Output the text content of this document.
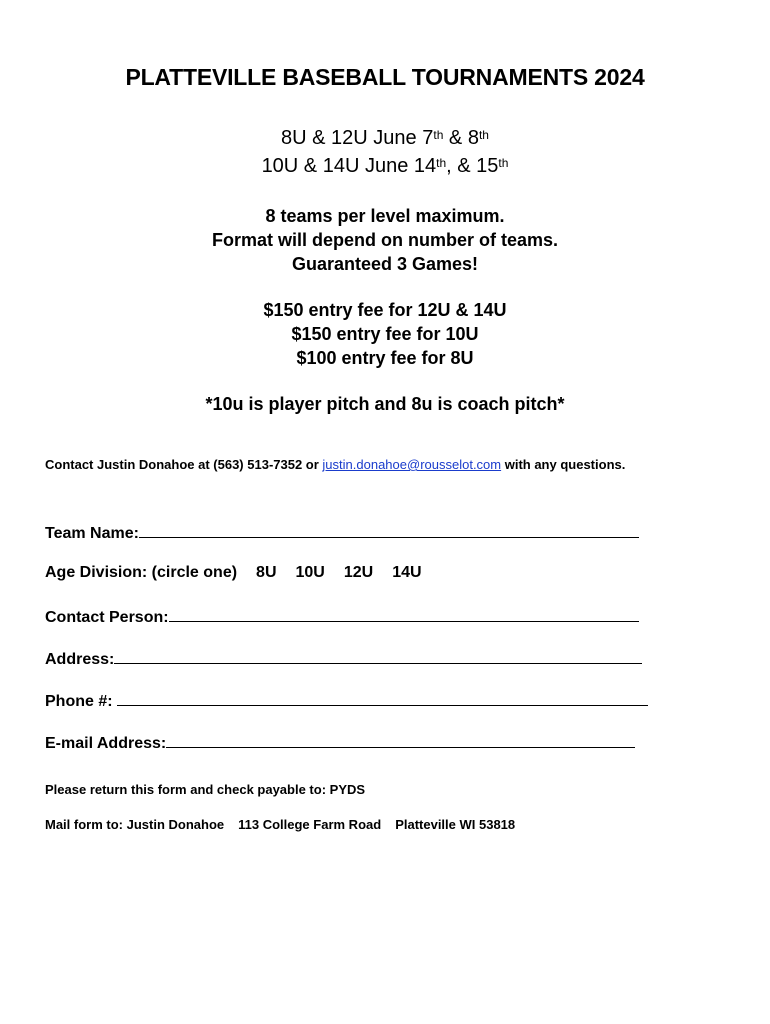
PLATTEVILLE BASEBALL TOURNAMENTS 2024
8U & 12U June 7th & 8th
10U & 14U June 14th, & 15th
8 teams per level maximum.
Format will depend on number of teams.
Guaranteed 3 Games!
$150 entry fee for 12U & 14U
$150 entry fee for 10U
$100 entry fee for 8U
*10u is player pitch and 8u is coach pitch*
Contact Justin Donahoe at (563) 513-7352 or justin.donahoe@rousselot.com with any questions.
Team Name:
Age Division: (circle one) 8U 10U 12U 14U
Contact Person:
Address:
Phone #:
E-mail Address:
Please return this form and check payable to: PYDS
Mail form to: Justin Donahoe 113 College Farm Road Platteville WI 53818
